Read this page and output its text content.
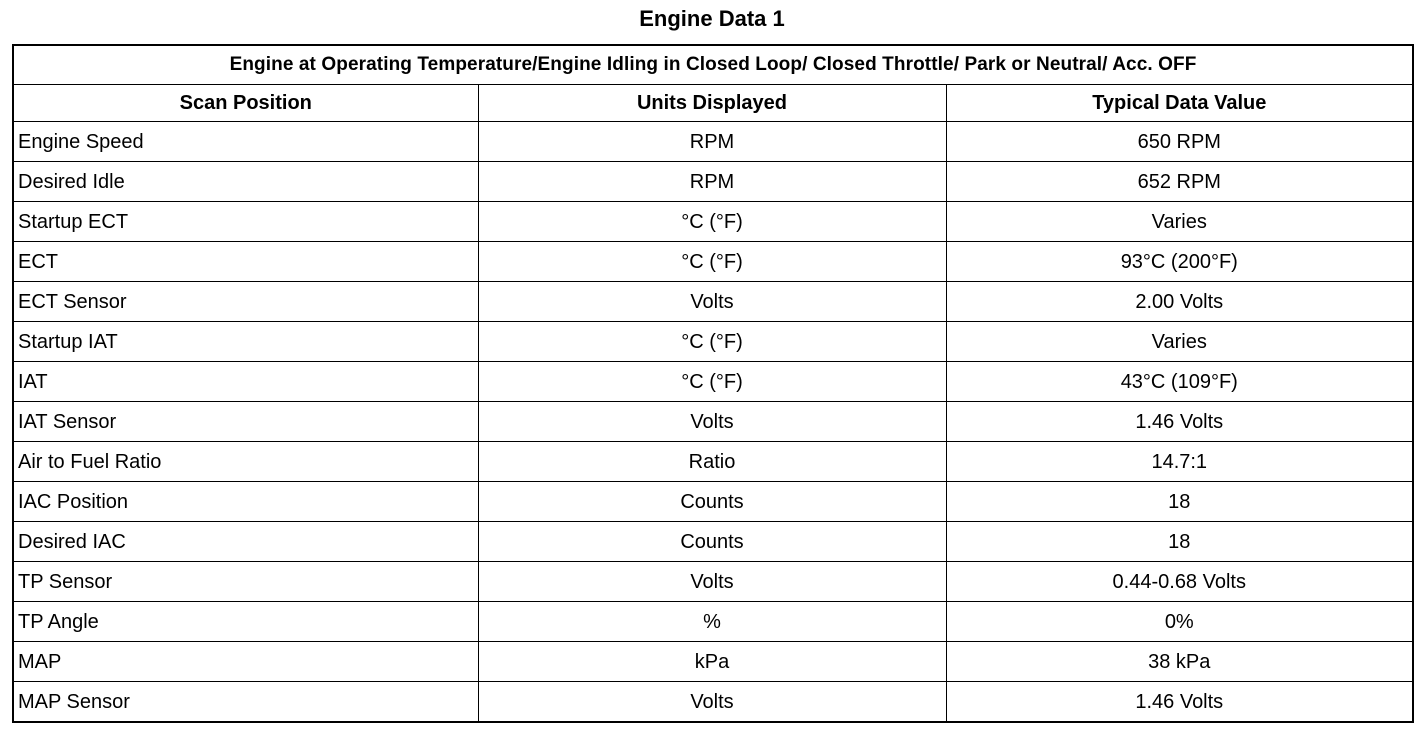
Engine Data 1
Engine at Operating Temperature/Engine Idling in Closed Loop/ Closed Throttle/ Park or Neutral/ Acc. OFF		
Scan Position	Units Displayed	Typical Data Value
Engine Speed	RPM	650 RPM
Desired Idle	RPM	652 RPM
Startup ECT	°C (°F)	Varies
ECT	°C (°F)	93°C (200°F)
ECT Sensor	Volts	2.00 Volts
Startup IAT	°C (°F)	Varies
IAT	°C (°F)	43°C (109°F)
IAT Sensor	Volts	1.46 Volts
Air to Fuel Ratio	Ratio	14.7:1
IAC Position	Counts	18
Desired IAC	Counts	18
TP Sensor	Volts	0.44-0.68 Volts
TP Angle	%	0%
MAP	kPa	38 kPa
MAP Sensor	Volts	1.46 Volts
